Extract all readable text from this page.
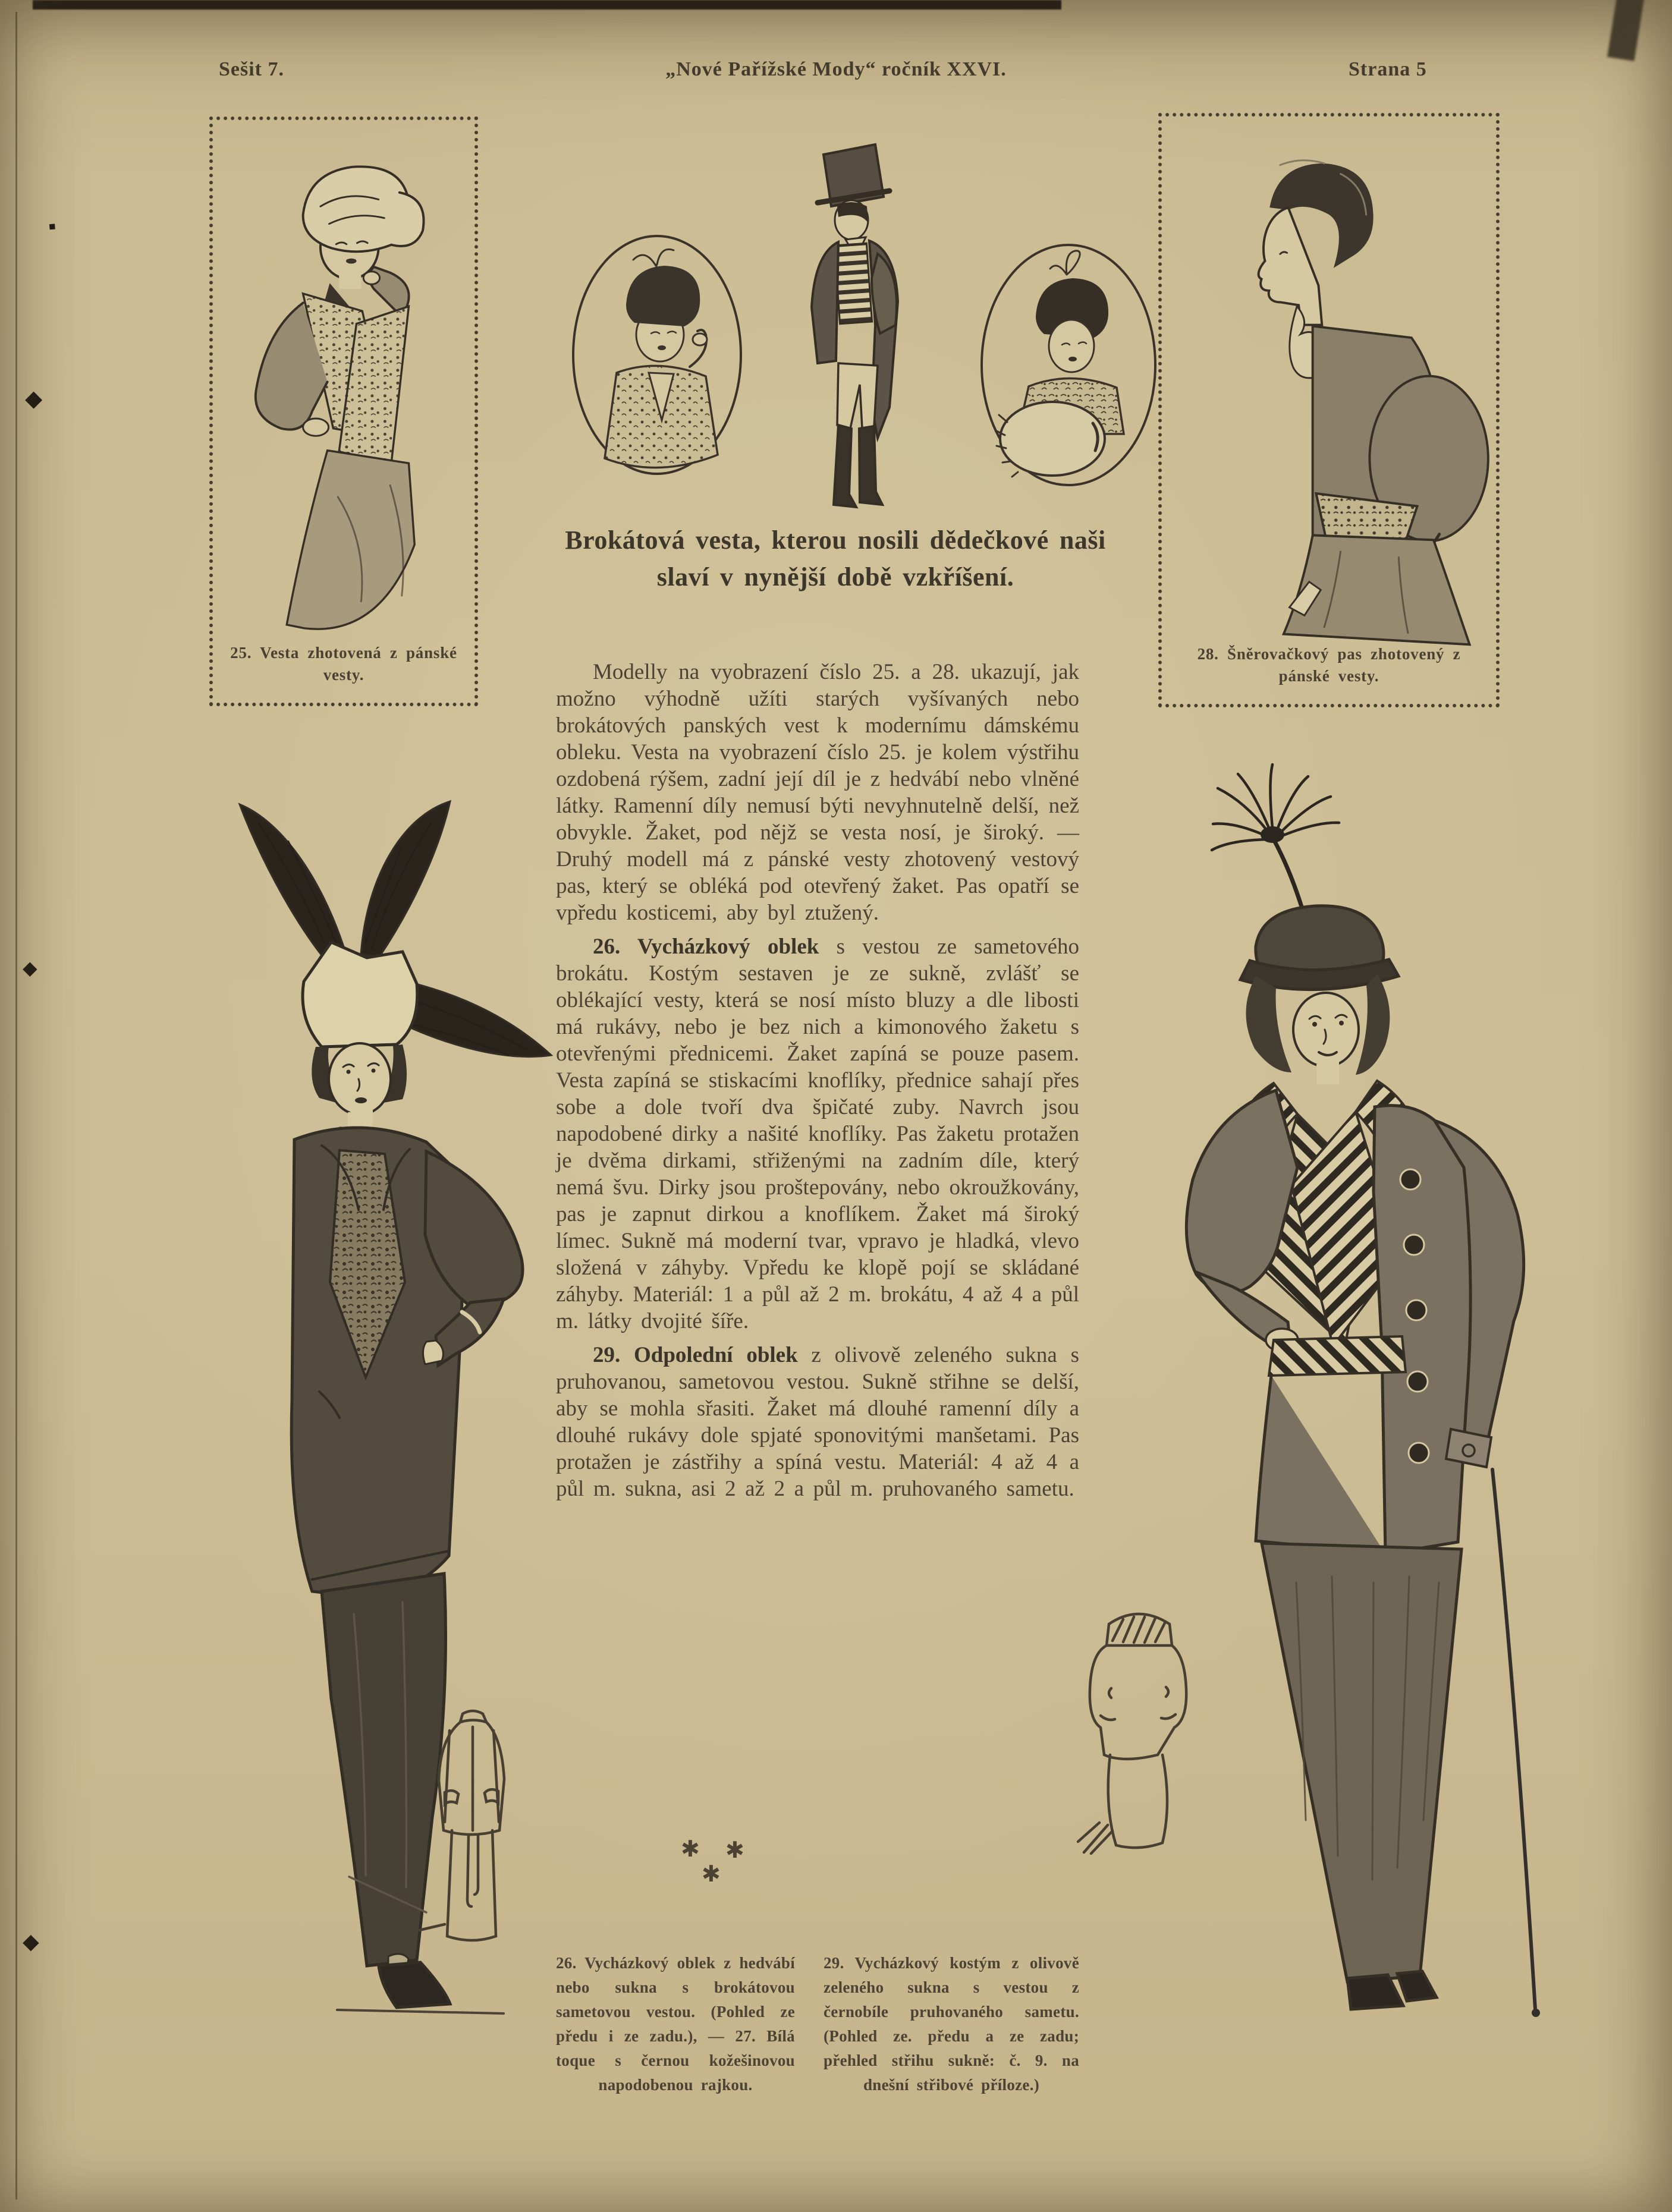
◆
◆
◆
◆
Sešit 7.	„Nové Pařížské Mody“ ročník XXVI.	Strana 5
25. Vesta zhotovená z pánské vesty.
Brokátová vesta, kterou nosili dědečkové naši
slaví v nynější době vzkříšení.
28. Šněrovačkový pas zhotovený z pánské vesty.

Modelly na vyobrazení číslo 25. a 28. ukazují, jak možno výhodně užíti starých vyšívaných nebo brokátových panských vest k modernímu dámskému obleku. Vesta na vyobrazení číslo 25. je kolem výstřihu ozdobená rýšem, zadní její díl je z hedvábí nebo vlněné látky. Ramenní díly nemusí býti nevyhnutelně delší, než obvykle. Žaket, pod nějž se vesta nosí, je široký. — Druhý modell má z pánské vesty zhotovený vestový pas, který se obléká pod otevřený žaket. Pas opatří se vpředu kosticemi, aby byl ztužený.

26. Vycházkový oblek s vestou ze sametového brokátu. Kostým sestaven je ze sukně, zvlášť se oblékající vesty, která se nosí místo bluzy a dle libosti má rukávy, nebo je bez nich a kimonového žaketu s otevřenými přednicemi. Žaket zapíná se pouze pasem. Vesta zapíná se stiskacími knoflíky, přednice sahají přes sobe a dole tvoří dva špičaté zuby. Navrch jsou napodobené dirky a našité knoflíky. Pas žaketu protažen je dvěma dirkami, střiženými na zadním díle, který nemá švu. Dirky jsou proštepovány, nebo okroužkovány, pas je zapnut dirkou a knoflíkem. Žaket má široký límec. Sukně má moderní tvar, vpravo je hladká, vlevo složená v záhyby. Vpředu ke klopě pojí se skládané záhyby. Materiál: 1 a půl až 2 m. brokátu, 4 až 4 a půl m. látky dvojité šíře.

29. Odpolední oblek z olivově zeleného sukna s pruhovanou, sametovou vestou. Sukně střihne se delší, aby se mohla sřasiti. Žaket má dlouhé ramenní díly a dlouhé rukávy dole spjaté sponovitými manšetami. Pas protažen je zástřihy a spíná vestu. Materiál: 4 až 4 a půl m. sukna, asi 2 až 2 a půl m. pruhovaného sametu.

✱ ✱
✱
26. Vycházkový oblek z hedvábí nebo sukna s brokátovou sametovou vestou. (Pohled ze předu i ze zadu.), — 27. Bílá toque s černou kožešinovou napodobenou rajkou.
29. Vycházkový kostým z olivově zeleného sukna s vestou z černobíle pruhovaného sametu. (Pohled ze. předu a ze zadu; přehled střihu sukně: č. 9. na dnešní střibové příloze.)
